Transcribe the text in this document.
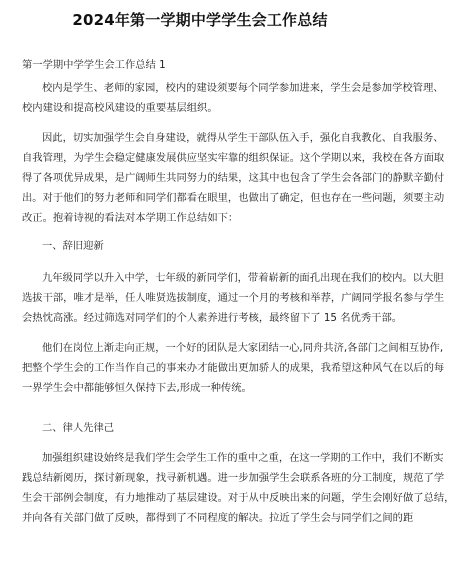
2024年第一学期中学学生会工作总结
第一学期中学学生会工作总结 1
校内是学生、老师的家园，校内的建设须要每个同学参加进来，学生会是参加学校管理、
校内建设和提高校风建设的重要基层组织。
因此，切实加强学生会自身建设，就得从学生干部队伍入手，强化自我教化、自我服务、
自我管理，为学生会稳定健康发展供应坚实牢靠的组织保证。这个学期以来，我校在各方面取
得了各项优异成果，是广阔师生共同努力的结果，这其中也包含了学生会各部门的静默辛勤付
出。对于他们的努力老师和同学们都看在眼里，也做出了确定，但也存在一些问题，须要主动
改正。抱着诗视的看法对本学期工作总结如下：
一、辞旧迎新
九年级同学以升入中学，七年级的新同学们，带着崭新的面孔出现在我们的校内。以大胆
选拔干部，唯才是举，任人唯贤选拔制度，通过一个月的考核和举荐，广阔同学报名参与学生
会热忱高涨。经过筛选对同学们的个人素养进行考核，最终留下了 15 名优秀干部。
他们在岗位上渐走向正规，一个好的团队是大家团结一心,同舟共济,各部门之间相互协作,
把整个学生会的工作当作自己的事来办才能做出更加骄人的成果，我希望这种风气在以后的每
一界学生会中都能够恒久保持下去,形成一种传统。
二、律人先律己
加强组织建设始终是我们学生会学生工作的重中之重，在这一学期的工作中，我们不断实
践总结新阅历，探讨新现象，找寻新机遇。进一步加强学生会联系各班的分工制度，规范了学
生会干部例会制度，有力地推动了基层建设。对于从中反映出来的问题，学生会刚好做了总结，
并向各有关部门做了反映，都得到了不同程度的解决。拉近了学生会与同学们之间的距
